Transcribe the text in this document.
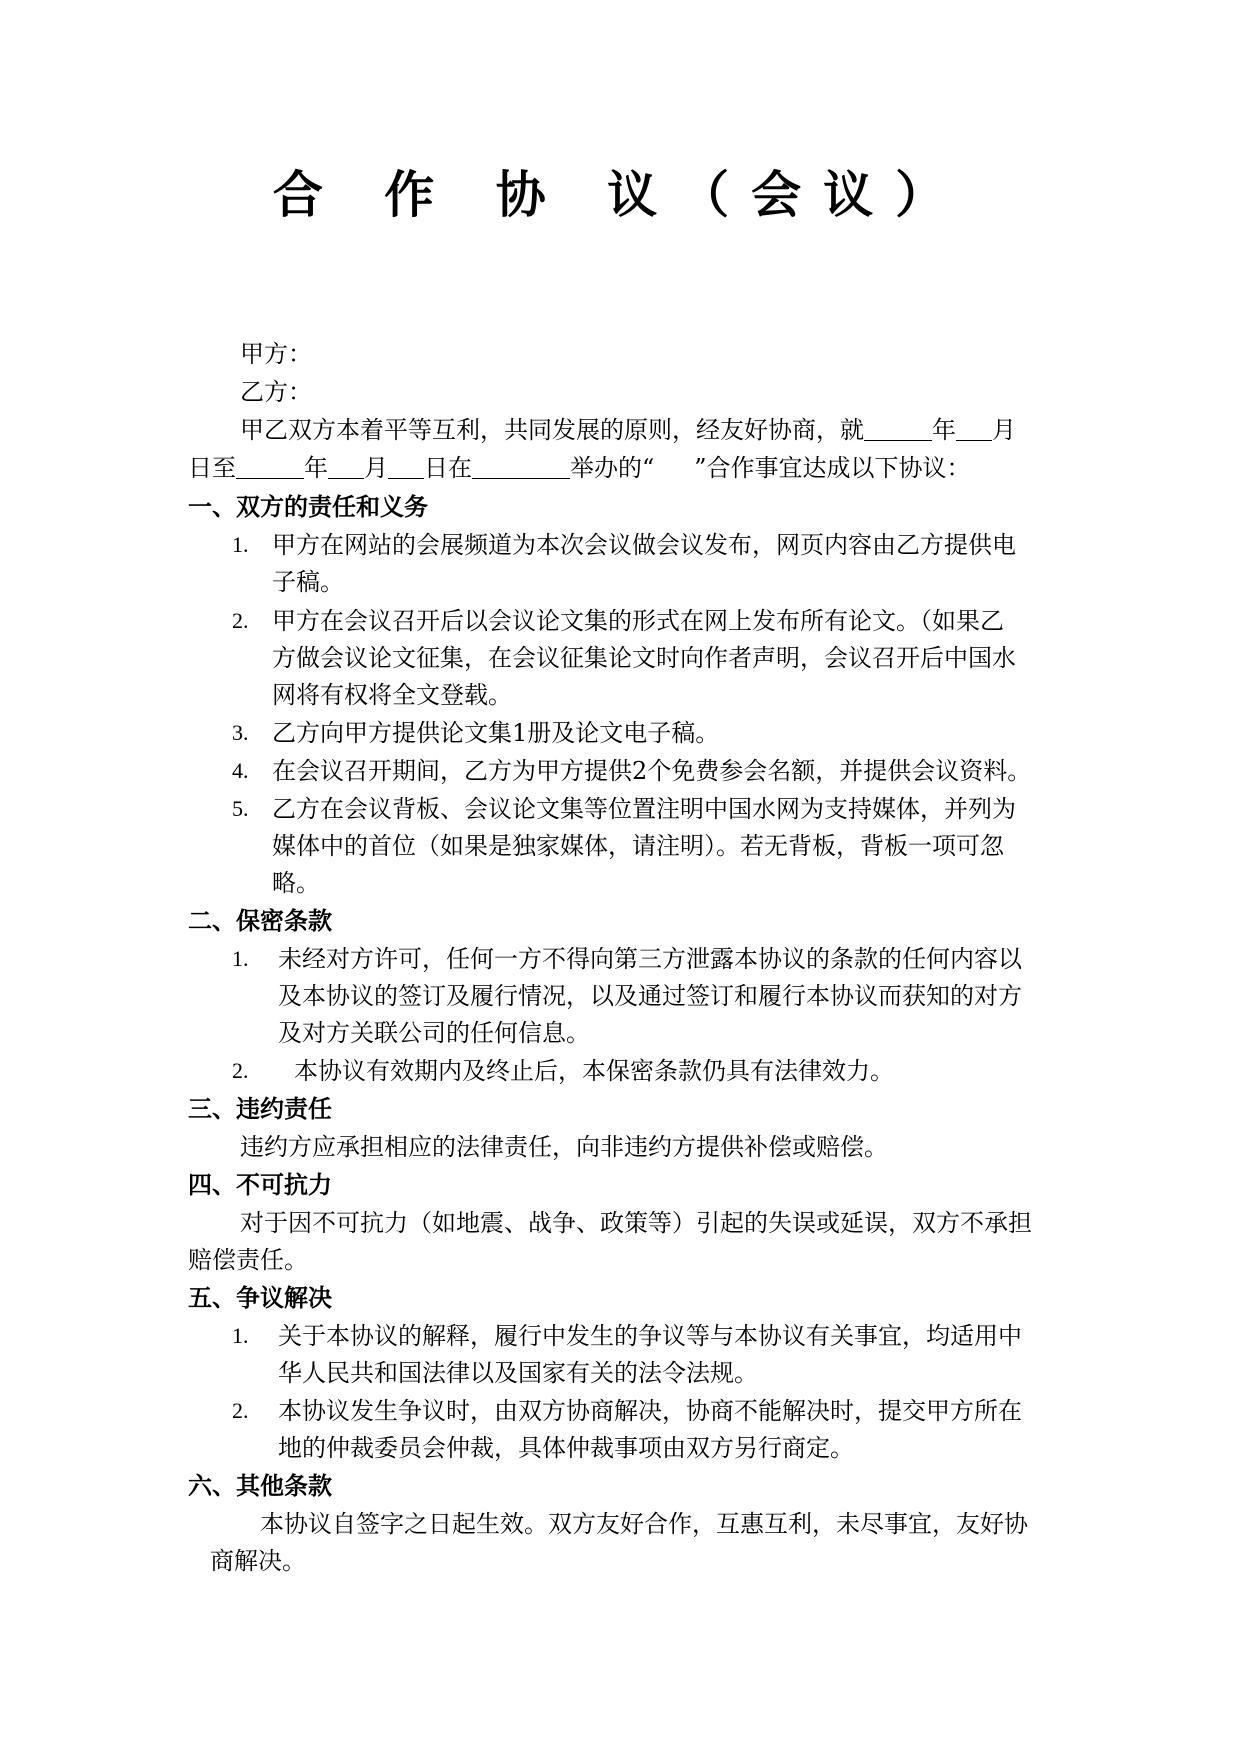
合 作 协 议（会议）
甲方：
乙方：
甲乙双方本着平等互利，共同发展的原则，经友好协商，就	年 月
日至	年 月 日在	举办的“ ”合作事宜达成以下协议：
一、双方的责任和义务
1. 甲方在网站的会展频道为本次会议做会议发布，网页内容由乙方提供电
子稿。
2. 甲方在会议召开后以会议论文集的形式在网上发布所有论文。（如果乙
方做会议论文征集，在会议征集论文时向作者声明，会议召开后中国水
网将有权将全文登载。
3. 乙方向甲方提供论文集1册及论文电子稿。
4. 在会议召开期间，乙方为甲方提供2个免费参会名额，并提供会议资料。
5. 乙方在会议背板、会议论文集等位置注明中国水网为支持媒体，并列为
媒体中的首位（如果是独家媒体，请注明）。若无背板，背板一项可忽
略。
二、保密条款
1. 未经对方许可，任何一方不得向第三方泄露本协议的条款的任何内容以
及本协议的签订及履行情况，以及通过签订和履行本协议而获知的对方
及对方关联公司的任何信息。
2. 本协议有效期内及终止后，本保密条款仍具有法律效力。
三、违约责任
违约方应承担相应的法律责任，向非违约方提供补偿或赔偿。
四、不可抗力
对于因不可抗力（如地震、战争、政策等）引起的失误或延误，双方不承担
赔偿责任。
五、争议解决
1. 关于本协议的解释，履行中发生的争议等与本协议有关事宜，均适用中
华人民共和国法律以及国家有关的法令法规。
2. 本协议发生争议时，由双方协商解决，协商不能解决时，提交甲方所在
地的仲裁委员会仲裁，具体仲裁事项由双方另行商定。
六、其他条款
本协议自签字之日起生效。双方友好合作，互惠互利，未尽事宜，友好协
商解决。
